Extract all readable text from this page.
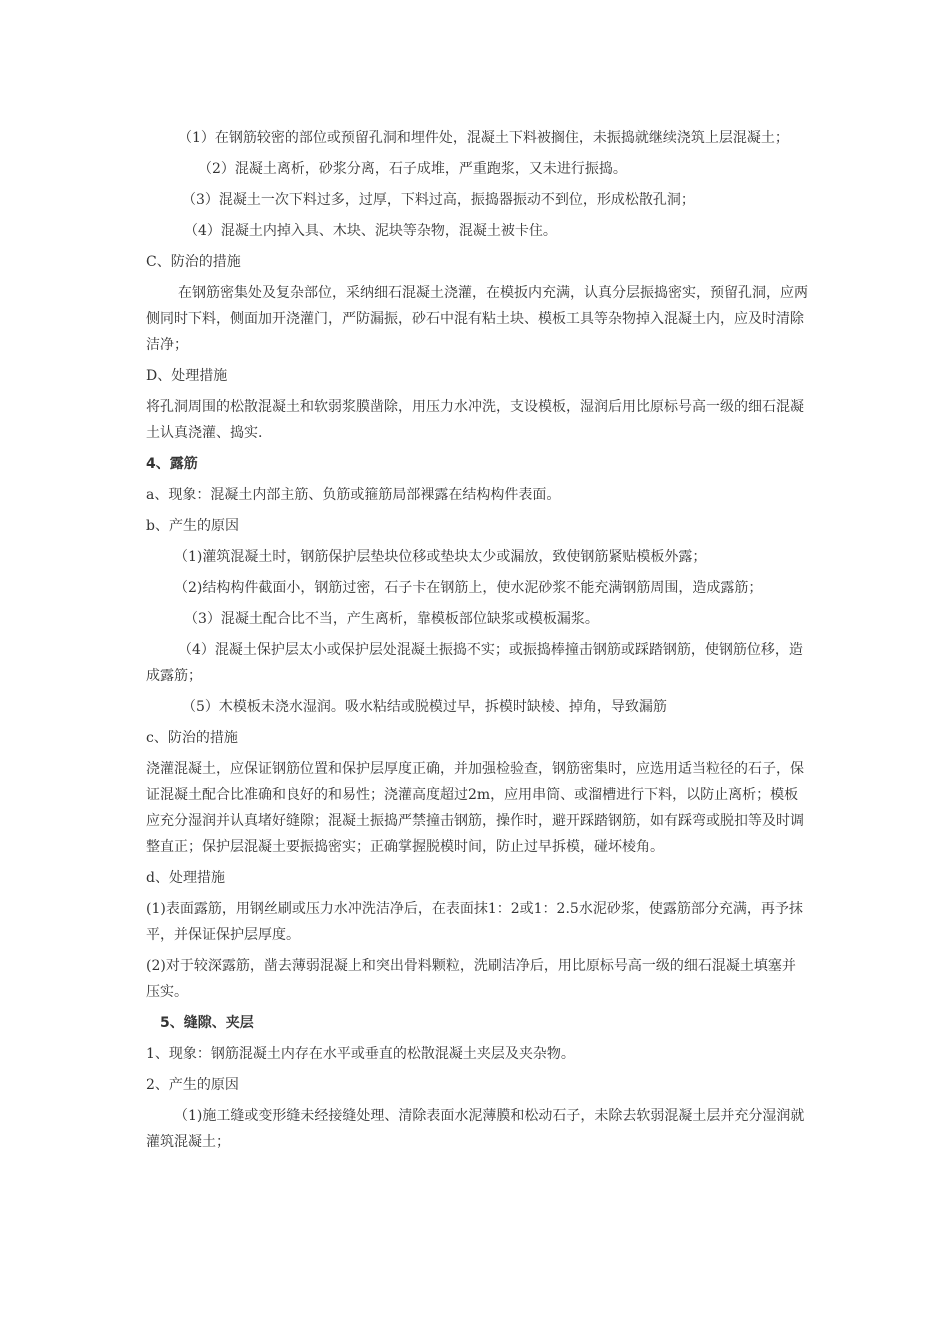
（1）在钢筋较密的部位或预留孔洞和埋件处，混凝土下料被搁住，未振捣就继续浇筑上层混凝土；

（2）混凝土离析，砂浆分离，石子成堆，严重跑浆，又未进行振捣。

（3）混凝土一次下料过多，过厚，下料过高，振捣器振动不到位，形成松散孔洞；

（4）混凝土内掉入具、木块、泥块等杂物，混凝土被卡住。

C、防治的措施

在钢筋密集处及复杂部位，采纳细石混凝土浇灌，在模扳内充满，认真分层振捣密实，预留孔洞，应两侧同时下料，侧面加开浇灌门，严防漏振，砂石中混有粘土块、模板工具等杂物掉入混凝土内，应及时清除洁净；

D、处理措施

将孔洞周围的松散混凝土和软弱浆膜凿除，用压力水冲洗，支设模板，湿润后用比原标号高一级的细石混凝土认真浇灌、捣实.

4、露筋

a、现象：混凝土内部主筋、负筋或箍筋局部裸露在结构构件表面。

b、产生的原因

（1)灌筑混凝土时，钢筋保护层垫块位移或垫块太少或漏放，致使钢筋紧贴模板外露；

（2)结构构件截面小，钢筋过密，石子卡在钢筋上，使水泥砂浆不能充满钢筋周围，造成露筋；

（3）混凝土配合比不当，产生离析，靠模板部位缺浆或模板漏浆。

（4）混凝土保护层太小或保护层处混凝土振捣不实；或振捣棒撞击钢筋或踩踏钢筋，使钢筋位移，造成露筋；

（5）木模板未浇水湿润。吸水粘结或脱模过早，拆模时缺棱、掉角，导致漏筋

c、防治的措施

浇灌混凝土，应保证钢筋位置和保护层厚度正确，并加强检验查，钢筋密集时，应选用适当粒径的石子，保证混凝土配合比准确和良好的和易性；浇灌高度超过2m，应用串筒、或溜槽进行下料，以防止离析；模板应充分湿润并认真堵好缝隙；混凝土振捣严禁撞击钢筋，操作时，避开踩踏钢筋，如有踩弯或脱扣等及时调整直正；保护层混凝土要振捣密实；正确掌握脱模时间，防止过早拆模，碰坏棱角。

d、处理措施

(1)表面露筋，用钢丝刷或压力水冲洗洁净后，在表面抹1：2或1：2.5水泥砂浆，使露筋部分充满，再予抹平，并保证保护层厚度。

(2)对于较深露筋，凿去薄弱混凝上和突出骨料颗粒，洗刷洁净后，用比原标号高一级的细石混凝土填塞并压实。

5、缝隙、夹层

1、现象：钢筋混凝土内存在水平或垂直的松散混凝土夹层及夹杂物。

2、产生的原因

（1)施工缝或变形缝未经接缝处理、清除表面水泥薄膜和松动石子，未除去软弱混凝土层并充分湿润就灌筑混凝土；
